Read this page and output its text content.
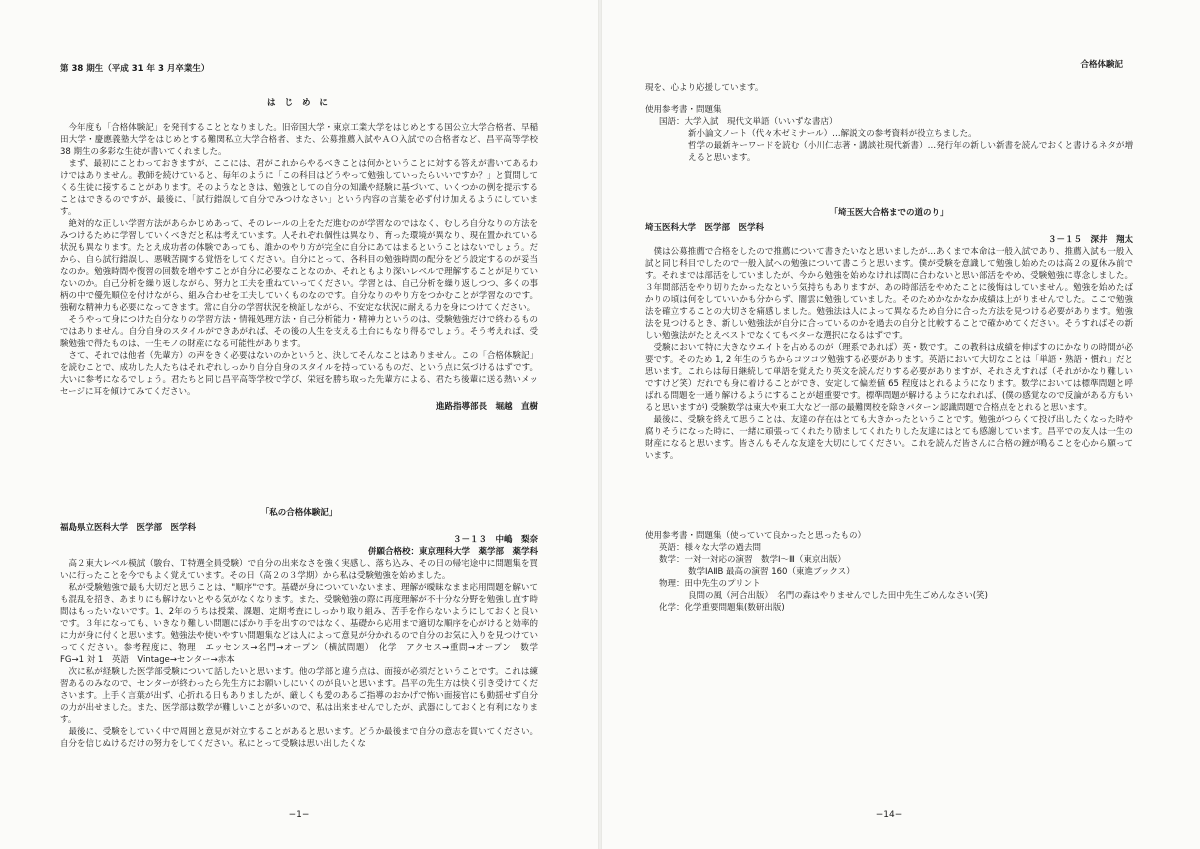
第 38 期生（平成 31 年 3 月卒業生）
は じ め に

今年度も「合格体験記」を発刊することとなりました。旧帝国大学・東京工業大学をはじめとする国公立大学合格者、早稲田大学・慶應義塾大学をはじめとする難関私立大学合格者、また、公募推薦入試やＡＯ入試での合格者など、昌平高等学校 38 期生の多彩な生徒が書いてくれました。

まず、最初にことわっておきますが、ここには、君がこれからやるべきことは何かということに対する答えが書いてあるわけではありません。教師を続けていると、毎年のように「この科目はどうやって勉強していったらいいですか？」と質問してくる生徒に接することがあります。そのようなときは、勉強としての自分の知識や経験に基づいて、いくつかの例を提示することはできるのですが、最後に、「試行錯誤して自分でみつけなさい」という内容の言葉を必ず付け加えるようにしています。

絶対的な正しい学習方法があらかじめあって、そのレールの上をただ進むのが学習なのではなく、むしろ自分なりの方法をみつけるために学習していくべきだと私は考えています。人それぞれ個性は異なり、育った環境が異なり、現在置かれている状況も異なります。たとえ成功者の体験であっても、誰かのやり方が完全に自分にあてはまるということはないでしょう。だから、自ら試行錯誤し、悪戦苦闘する覚悟をしてください。自分にとって、各科目の勉強時間の配分をどう設定するのが妥当なのか。勉強時間や復習の回数を増やすことが自分に必要なことなのか、それともより深いレベルで理解することが足りていないのか。自己分析を繰り返しながら、努力と工夫を重ねていってください。学習とは、自己分析を繰り返しつつ、多くの事柄の中で優先順位を付けながら、組み合わせを工夫していくものなのです。自分なりのやり方をつかむことが学習なのです。強靭な精神力も必要になってきます。常に自分の学習状況を検証しながら、不安定な状況に耐える力を身につけてください。

そうやって身につけた自分なりの学習方法・情報処理方法・自己分析能力・精神力というのは、受験勉強だけで終わるものではありません。自分自身のスタイルができあがれば、その後の人生を支える土台にもなり得るでしょう。そう考えれば、受験勉強で得たものは、一生モノの財産になる可能性があります。

さて、それでは他者（先輩方）の声をきく必要はないのかというと、決してそんなことはありません。この「合格体験記」を読むことで、成功した人たちはそれぞれしっかり自分自身のスタイルを持っているものだ、という点に気づけるはずです。大いに参考になるでしょう。君たちと同じ昌平高等学校で学び、栄冠を勝ち取った先輩方による、君たち後輩に送る熱いメッセージに耳を傾けてみてください。

進路指導部長　堀越　直樹
「私の合格体験記」
福島県立医科大学　医学部　医学科
３－１３　中嶋　梨奈
併願合格校：東京理科大学　薬学部　薬学科

高２東大レベル模試（駿台、Ｔ特選全員受験）で自分の出来なさを強く実感し、落ち込み、その日の帰宅途中に問題集を買いに行ったことを今でもよく覚えています。その日（高２の３学期）から私は受験勉強を始めました。

私が受験勉強で最も大切だと思うことは、"順序"です。基礎が身についていないまま、理解が曖昧なまま応用問題を解いても混乱を招き、あまりにも解けないとやる気がなくなります。また、受験勉強の際に再度理解が不十分な分野を勉強し直す時間はもったいないです。1、2年のうちは授業、課題、定期考査にしっかり取り組み、苦手を作らないようにしておくと良いです。３年になっても、いきなり難しい問題にばかり手を出すのではなく、基礎から応用まで適切な順序を心がけると効率的に力が身に付くと思います。勉強法や使いやすい問題集などは人によって意見が分かれるので自分のお気に入りを見つけていってください。参考程度に、物理　エッセンス→名門→オープン（横試問題）　化学　アクセス→重問→オープン　数学　FG→1 対 1　英語　Vintage→センター→赤本

次に私が経験した医学部受験について話したいと思います。他の学部と違う点は、面接が必須だということです。これは練習あるのみなので、センターが終わったら先生方にお願いしにいくのが良いと思います。昌平の先生方は快く引き受けてくださいます。上手く言葉が出ず、心折れる日もありましたが、厳しくも愛のあるご指導のおかげで怖い面接官にも動揺せず自分の力が出せました。また、医学部は数学が難しいことが多いので、私は出来ませんでしたが、武器にしておくと有利になります。

最後に、受験をしていく中で周囲と意見が対立することがあると思います。どうか最後まで自分の意志を貫いてください。自分を信じぬけるだけの努力をしてください。私にとって受験は思い出したくな

−1−
合格体験記

現を、心より応援しています。

使用参考書・問題集

国語：大学入試　現代文単語（いいずな書店）
新小論文ノート（代々木ゼミナール）…解説文の参考資料が役立ちました。
哲学の最新キーワードを読む（小川仁志著・講談社現代新書）…発行年の新しい新書を読んでおくと書けるネタが増えると思います。
「埼玉医大合格までの道のり」
埼玉医科大学　医学部　医学科
３－１５　深井　翔太

僕は公募推薦で合格をしたので推薦について書きたいなと思いましたが…あくまで本命は一般入試であり、推薦入試も一般入試と同じ科目でしたので一般入試への勉強について書こうと思います。僕が受験を意識して勉強し始めたのは高２の夏休み前です。それまでは部活をしていましたが、今から勉強を始めなければ間に合わないと思い部活をやめ、受験勉強に専念しました。３年間部活をやり切りたかったなという気持ちもありますが、あの時部活をやめたことに後悔はしていません。勉強を始めたばかりの頃は何をしていいかも分からず、闇雲に勉強していました。そのためかなかなか成績は上がりませんでした。ここで勉強法を確立することの大切さを痛感しました。勉強法は人によって異なるため自分に合った方法を見つける必要があります。勉強法を見つけるとき、新しい勉強法が自分に合っているのかを過去の自分と比較することで確かめてください。そうすればその新しい勉強法がたとえベストでなくてもベターな選択になるはずです。

受験において特に大きなウエイトを占めるのが（理系であれば）英・数です。この教科は成績を伸ばすのにかなりの時間が必要です。そのため 1, 2 年生のうちからコツコツ勉強する必要があります。英語において大切なことは「単語・熟語・慣れ」だと思います。これらは毎日継続して単語を覚えたり英文を読んだりする必要がありますが、それさえすれば（それがかなり難しいですけど笑）だれでも身に着けることができ、安定して偏差値 65 程度はとれるようになります。数学においては標準問題と呼ばれる問題を一通り解けるようにすることが超重要です。標準問題が解けるようになれれば、(僕の感覚なので反論がある方もいると思いますが) 受験数学は東大や東工大など一部の最難関校を除きパターン認識問題で合格点をとれると思います。

最後に、受験を終えて思うことは、友達の存在はとても大きかったということです。勉強がつらくて投げ出したくなった時や腐りそうになった時に、一緒に頑張ってくれたり励ましてくれたりした友達にはとても感謝しています。昌平での友人は一生の財産になると思います。皆さんもそんな友達を大切にしてください。これを読んだ皆さんに合格の鐘が鳴ることを心から願っています。

使用参考書・問題集（使っていて良かったと思ったもの）

英語：様々な大学の過去問
数学：一対一対応の演習　数学Ⅰ～Ⅲ（東京出版）
数学ⅠAⅡB 最高の演習 160（東進ブックス）
物理：田中先生のプリント
良問の風（河合出版）　名門の森はやりませんでした田中先生ごめんなさい(笑)
化学：化学重要問題集(数研出版)
−14−
